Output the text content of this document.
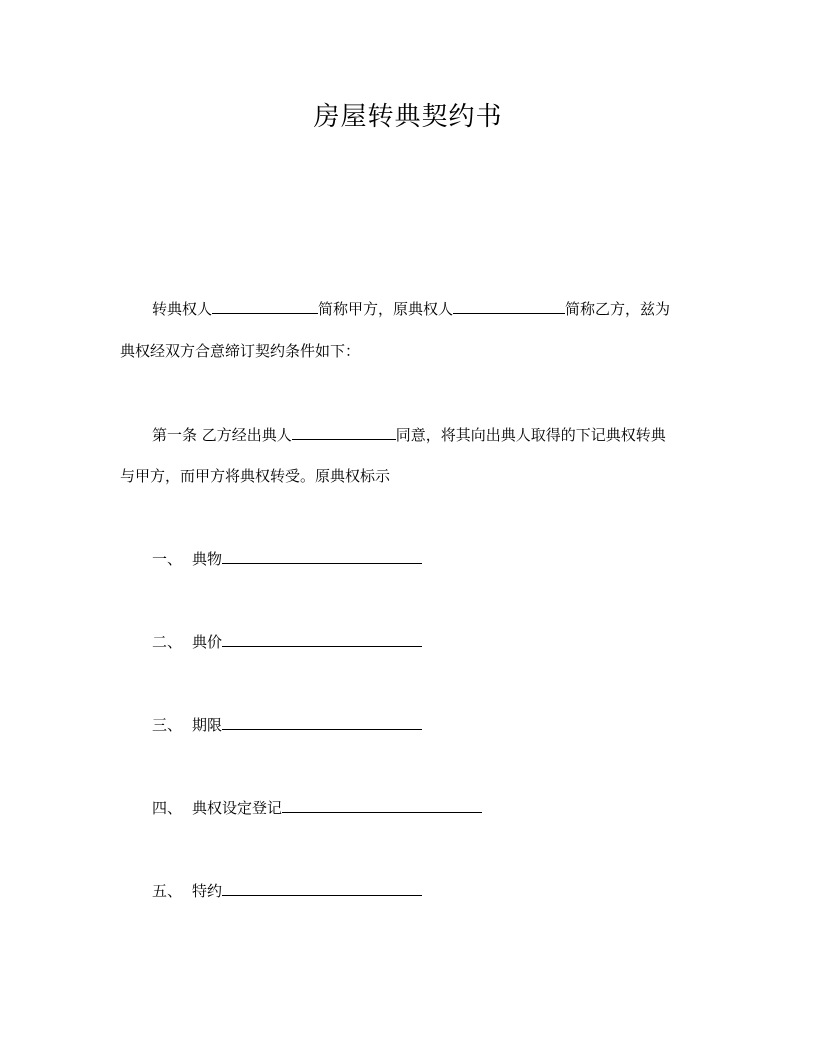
房屋转典契约书
转典权人	简称甲方，原典权人	简称乙方，兹为
典权经双方合意缔订契约条件如下：
第一条 乙方经出典人	同意，将其向出典人取得的下记典权转典
与甲方，而甲方将典权转受。原典权标示
一、 典物
二、 典价
三、 期限
四、 典权设定登记
五、 特约
